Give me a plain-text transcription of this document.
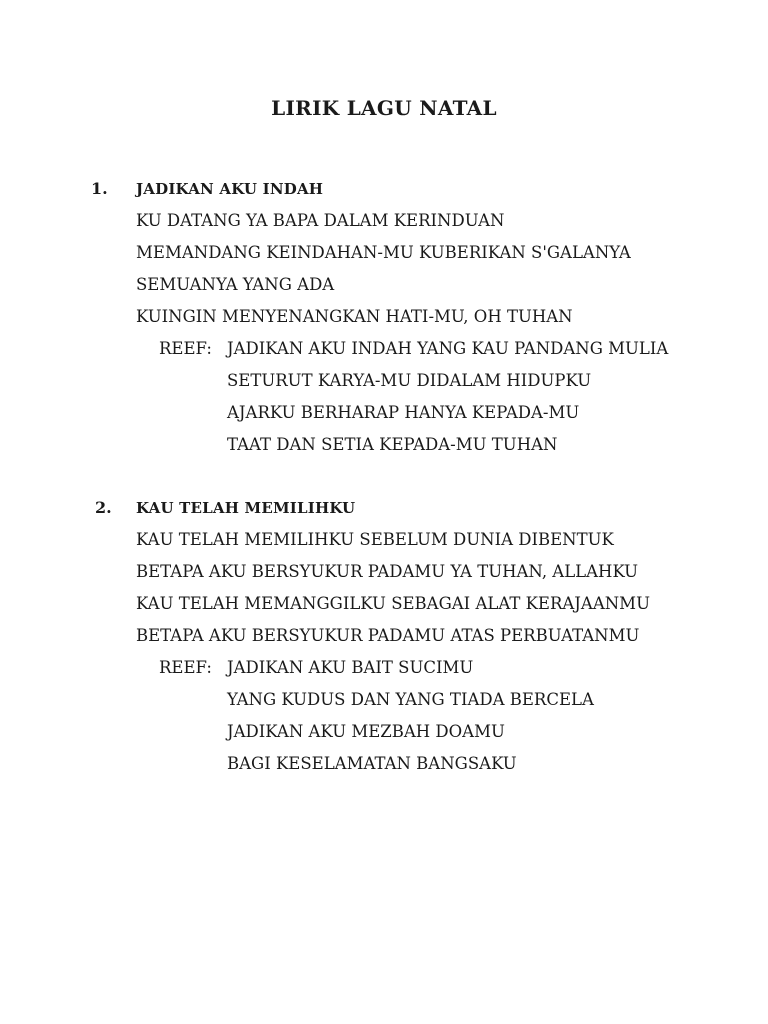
LIRIK LAGU NATAL
1. JADIKAN AKU INDAH
KU DATANG YA BAPA DALAM KERINDUAN
MEMANDANG KEINDAHAN-MU KUBERIKAN S'GALANYA
SEMUANYA YANG ADA
KUINGIN MENYENANGKAN HATI-MU, OH TUHAN
REEF: JADIKAN AKU INDAH YANG KAU PANDANG MULIA
SETURUT KARYA-MU DIDALAM HIDUPKU
AJARKU BERHARAP HANYA KEPADA-MU
TAAT DAN SETIA KEPADA-MU TUHAN
2. KAU TELAH MEMILIHKU
KAU TELAH MEMILIHKU SEBELUM DUNIA DIBENTUK
BETAPA AKU BERSYUKUR PADAMU YA TUHAN, ALLAHKU
KAU TELAH MEMANGGILKU SEBAGAI ALAT KERAJAANMU
BETAPA AKU BERSYUKUR PADAMU ATAS PERBUATANMU
REEF: JADIKAN AKU BAIT SUCIMU
YANG KUDUS DAN YANG TIADA BERCELA
JADIKAN AKU MEZBAH DOAMU
BAGI KESELAMATAN BANGSAKU
